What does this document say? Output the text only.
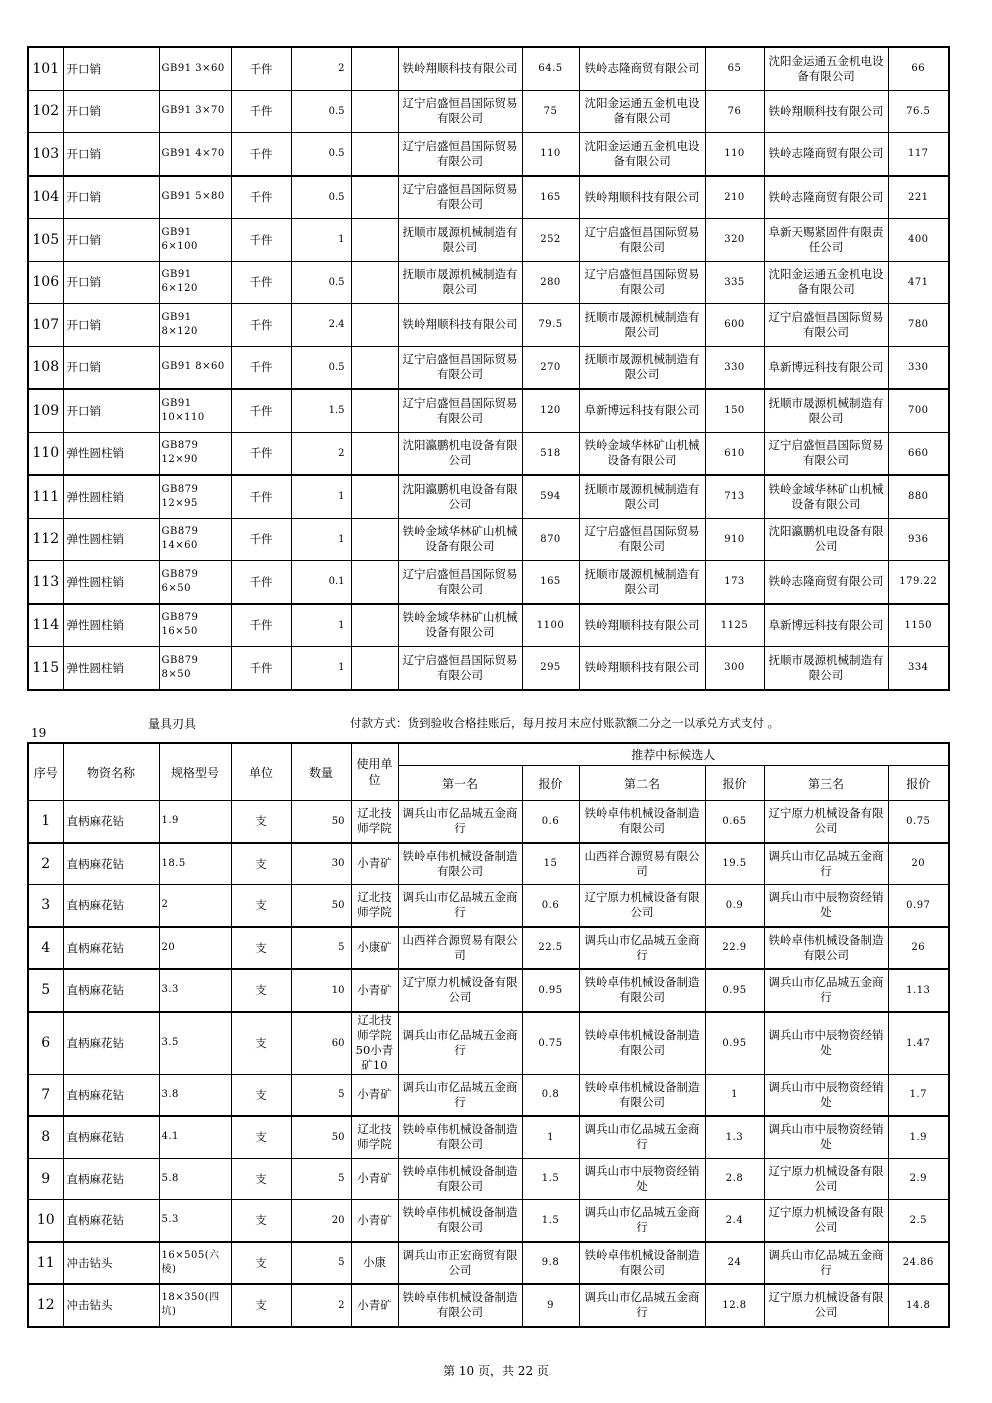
101	开口销	GB91 3×60	千件	2		铁岭翔顺科技有限公司	64.5	铁岭志隆商贸有限公司	65	沈阳金运通五金机电设备有限公司	66
102	开口销	GB91 3×70	千件	0.5		辽宁启盛恒昌国际贸易有限公司	75	沈阳金运通五金机电设备有限公司	76	铁岭翔顺科技有限公司	76.5
103	开口销	GB91 4×70	千件	0.5		辽宁启盛恒昌国际贸易有限公司	110	沈阳金运通五金机电设备有限公司	110	铁岭志隆商贸有限公司	117
104	开口销	GB91 5×80	千件	0.5		辽宁启盛恒昌国际贸易有限公司	165	铁岭翔顺科技有限公司	210	铁岭志隆商贸有限公司	221
105	开口销	GB91 6×100	千件	1		抚顺市晟源机械制造有限公司	252	辽宁启盛恒昌国际贸易有限公司	320	阜新天赐紧固件有限责任公司	400
106	开口销	GB91 6×120	千件	0.5		抚顺市晟源机械制造有限公司	280	辽宁启盛恒昌国际贸易有限公司	335	沈阳金运通五金机电设备有限公司	471
107	开口销	GB91 8×120	千件	2.4		铁岭翔顺科技有限公司	79.5	抚顺市晟源机械制造有限公司	600	辽宁启盛恒昌国际贸易有限公司	780
108	开口销	GB91 8×60	千件	0.5		辽宁启盛恒昌国际贸易有限公司	270	抚顺市晟源机械制造有限公司	330	阜新博远科技有限公司	330
109	开口销	GB91 10×110	千件	1.5		辽宁启盛恒昌国际贸易有限公司	120	阜新博远科技有限公司	150	抚顺市晟源机械制造有限公司	700
110	弹性圆柱销	GB879 12×90	千件	2		沈阳瀛鹏机电设备有限公司	518	铁岭金域华林矿山机械设备有限公司	610	辽宁启盛恒昌国际贸易有限公司	660
111	弹性圆柱销	GB879 12×95	千件	1		沈阳瀛鹏机电设备有限公司	594	抚顺市晟源机械制造有限公司	713	铁岭金域华林矿山机械设备有限公司	880
112	弹性圆柱销	GB879 14×60	千件	1		铁岭金域华林矿山机械设备有限公司	870	辽宁启盛恒昌国际贸易有限公司	910	沈阳瀛鹏机电设备有限公司	936
113	弹性圆柱销	GB879 6×50	千件	0.1		辽宁启盛恒昌国际贸易有限公司	165	抚顺市晟源机械制造有限公司	173	铁岭志隆商贸有限公司	179.22
114	弹性圆柱销	GB879 16×50	千件	1		铁岭金域华林矿山机械设备有限公司	1100	铁岭翔顺科技有限公司	1125	阜新博远科技有限公司	1150
115	弹性圆柱销	GB879 8×50	千件	1		辽宁启盛恒昌国际贸易有限公司	295	铁岭翔顺科技有限公司	300	抚顺市晟源机械制造有限公司	334
19
量具刃具	付款方式：货到验收合格挂账后，每月按月末应付账款额二分之一以承兑方式支付 。
序号	物资名称	规格型号	单位	数量	使用单位	推荐中标候选人					
						第一名	报价	第二名	报价	第三名	报价
1	直柄麻花钻	1.9	支	50	辽北技师学院	调兵山市亿品城五金商行	0.6	铁岭卓伟机械设备制造有限公司	0.65	辽宁原力机械设备有限公司	0.75
2	直柄麻花钻	18.5	支	30	小青矿	铁岭卓伟机械设备制造有限公司	15	山西祥合源贸易有限公司	19.5	调兵山市亿品城五金商行	20
3	直柄麻花钻	2	支	50	辽北技师学院	调兵山市亿品城五金商行	0.6	辽宁原力机械设备有限公司	0.9	调兵山市中辰物资经销处	0.97
4	直柄麻花钻	20	支	5	小康矿	山西祥合源贸易有限公司	22.5	调兵山市亿品城五金商行	22.9	铁岭卓伟机械设备制造有限公司	26
5	直柄麻花钻	3.3	支	10	小青矿	辽宁原力机械设备有限公司	0.95	铁岭卓伟机械设备制造有限公司	0.95	调兵山市亿品城五金商行	1.13
6	直柄麻花钻	3.5	支	60	辽北技师学院50小青矿10	调兵山市亿品城五金商行	0.75	铁岭卓伟机械设备制造有限公司	0.95	调兵山市中辰物资经销处	1.47
7	直柄麻花钻	3.8	支	5	小青矿	调兵山市亿品城五金商行	0.8	铁岭卓伟机械设备制造有限公司	1	调兵山市中辰物资经销处	1.7
8	直柄麻花钻	4.1	支	50	辽北技师学院	铁岭卓伟机械设备制造有限公司	1	调兵山市亿品城五金商行	1.3	调兵山市中辰物资经销处	1.9
9	直柄麻花钻	5.8	支	5	小青矿	铁岭卓伟机械设备制造有限公司	1.5	调兵山市中辰物资经销处	2.8	辽宁原力机械设备有限公司	2.9
10	直柄麻花钻	5.3	支	20	小青矿	铁岭卓伟机械设备制造有限公司	1.5	调兵山市亿品城五金商行	2.4	辽宁原力机械设备有限公司	2.5
11	冲击钻头	16×505(六棱)	支	5	小康	调兵山市正宏商贸有限公司	9.8	铁岭卓伟机械设备制造有限公司	24	调兵山市亿品城五金商行	24.86
12	冲击钻头	18×350(四坑)	支	2	小青矿	铁岭卓伟机械设备制造有限公司	9	调兵山市亿品城五金商行	12.8	辽宁原力机械设备有限公司	14.8
第 10 页，共 22 页
